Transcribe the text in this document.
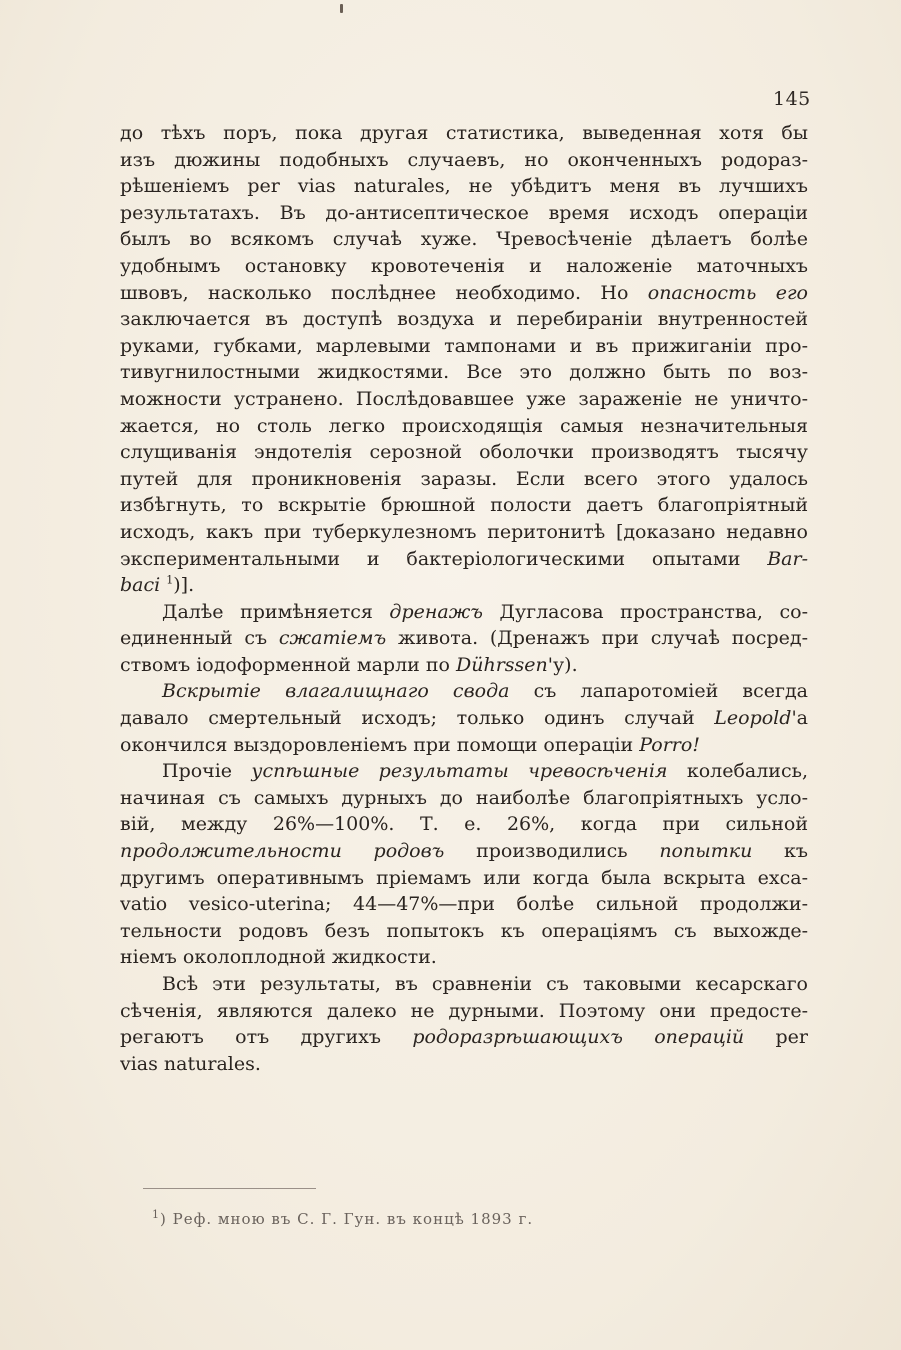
145
до тѣхъ поръ, пока другая статистика, выведенная хотя бы
изъ дюжины подобныхъ случаевъ, но оконченныхъ родораз-
рѣшеніемъ per vias naturales, не убѣдитъ меня въ лучшихъ
результатахъ. Въ до-антисептическое время исходъ операціи
былъ во всякомъ случаѣ хуже. Чревосѣченіе дѣлаетъ болѣе
удобнымъ остановку кровотеченія и наложеніе маточныхъ
швовъ, насколько послѣднее необходимо. Но опасность его
заключается въ доступѣ воздуха и перебираніи внутренностей
руками, губками, марлевыми тампонами и въ прижиганіи про-
тивугнилостными жидкостями. Все это должно быть по воз-
можности устранено. Послѣдовавшее уже зараженіе не уничто-
жается, но столь легко происходящія самыя незначительныя
слущиванія эндотелія серозной оболочки производятъ тысячу
путей для проникновенія заразы. Если всего этого удалось
избѣгнуть, то вскрытіе брюшной полости даетъ благопріятный
исходъ, какъ при туберкулезномъ перитонитѣ [доказано недавно
экспериментальными и бактеріологическими опытами Bar-
baci $^1$)].
Далѣе примѣняется дренажъ Дугласова пространства, со-
единенный съ сжатіемъ живота. (Дренажъ при случаѣ посред-
ствомъ іодоформенной марли по Dührssen'у).
Вскрытіе влагалищнаго свода съ лапаротоміей всегда
давало смертельный исходъ; только одинъ случай Leopold'a
окончился выздоровленіемъ при помощи операціи Porro!
Прочіе успѣшные результаты чревосѣченія колебались,
начиная съ самыхъ дурныхъ до наиболѣе благопріятныхъ усло-
вій, между 26%—100%. Т. е. 26%, когда при сильной
продолжительности родовъ производились попытки къ
другимъ оперативнымъ пріемамъ или когда была вскрыта exca-
vatio vesico-uterina; 44—47%—при болѣе сильной продолжи-
тельности родовъ безъ попытокъ къ операціямъ съ выхожде-
ніемъ околоплодной жидкости.
Всѣ эти результаты, въ сравненіи съ таковыми кесарскаго
сѣченія, являются далеко не дурными. Поэтому они предосте-
регаютъ отъ другихъ родоразрѣшающихъ операцій per
vias naturales.
$^1$) Реф. мною въ С. Г. Гун. въ концѣ 1893 г.
